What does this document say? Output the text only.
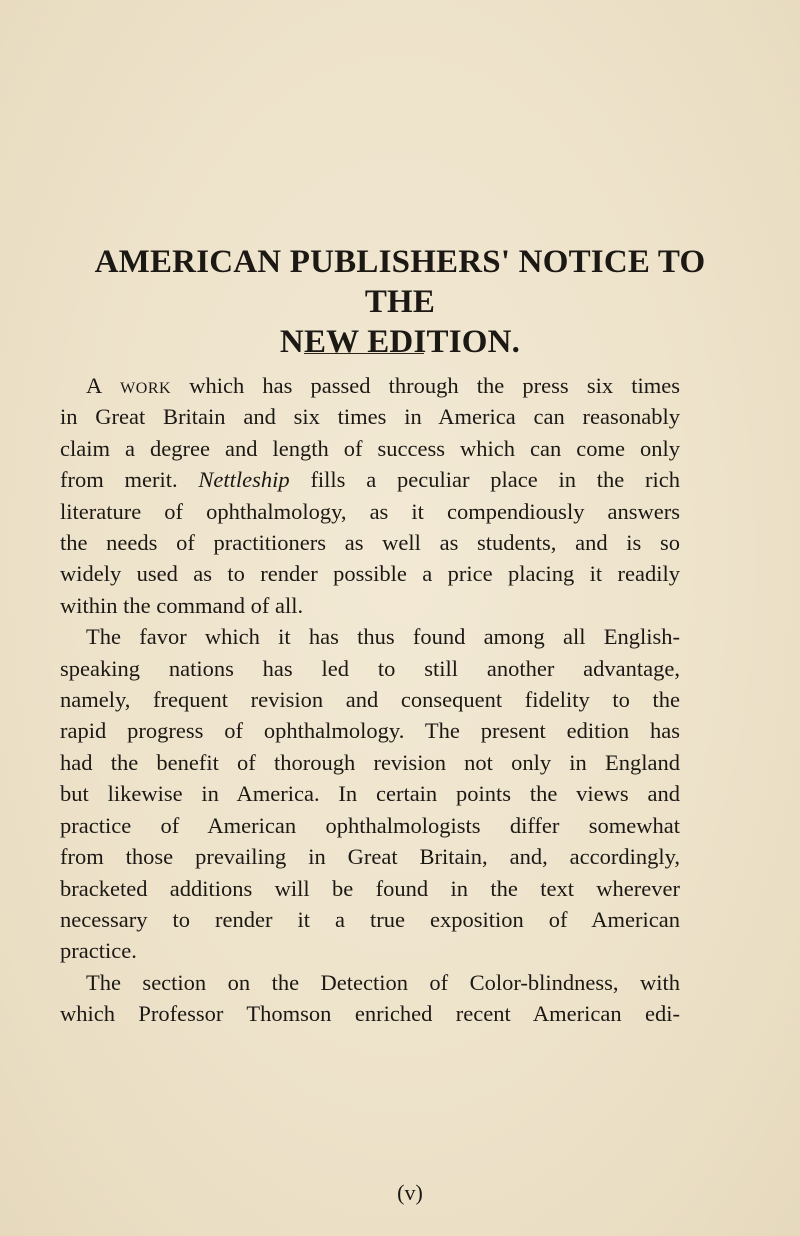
AMERICAN PUBLISHERS' NOTICE TO THE
NEW EDITION.
A work which has passed through the press six times
in Great Britain and six times in America can reasonably
claim a degree and length of success which can come only
from merit. Nettleship fills a peculiar place in the rich
literature of ophthalmology, as it compendiously answers
the needs of practitioners as well as students, and is so
widely used as to render possible a price placing it readily
within the command of all.
The favor which it has thus found among all English-
speaking nations has led to still another advantage,
namely, frequent revision and consequent fidelity to the
rapid progress of ophthalmology. The present edition has
had the benefit of thorough revision not only in England
but likewise in America. In certain points the views and
practice of American ophthalmologists differ somewhat
from those prevailing in Great Britain, and, accordingly,
bracketed additions will be found in the text wherever
necessary to render it a true exposition of American
practice.
The section on the Detection of Color-blindness, with
which Professor Thomson enriched recent American edi-
(v)
